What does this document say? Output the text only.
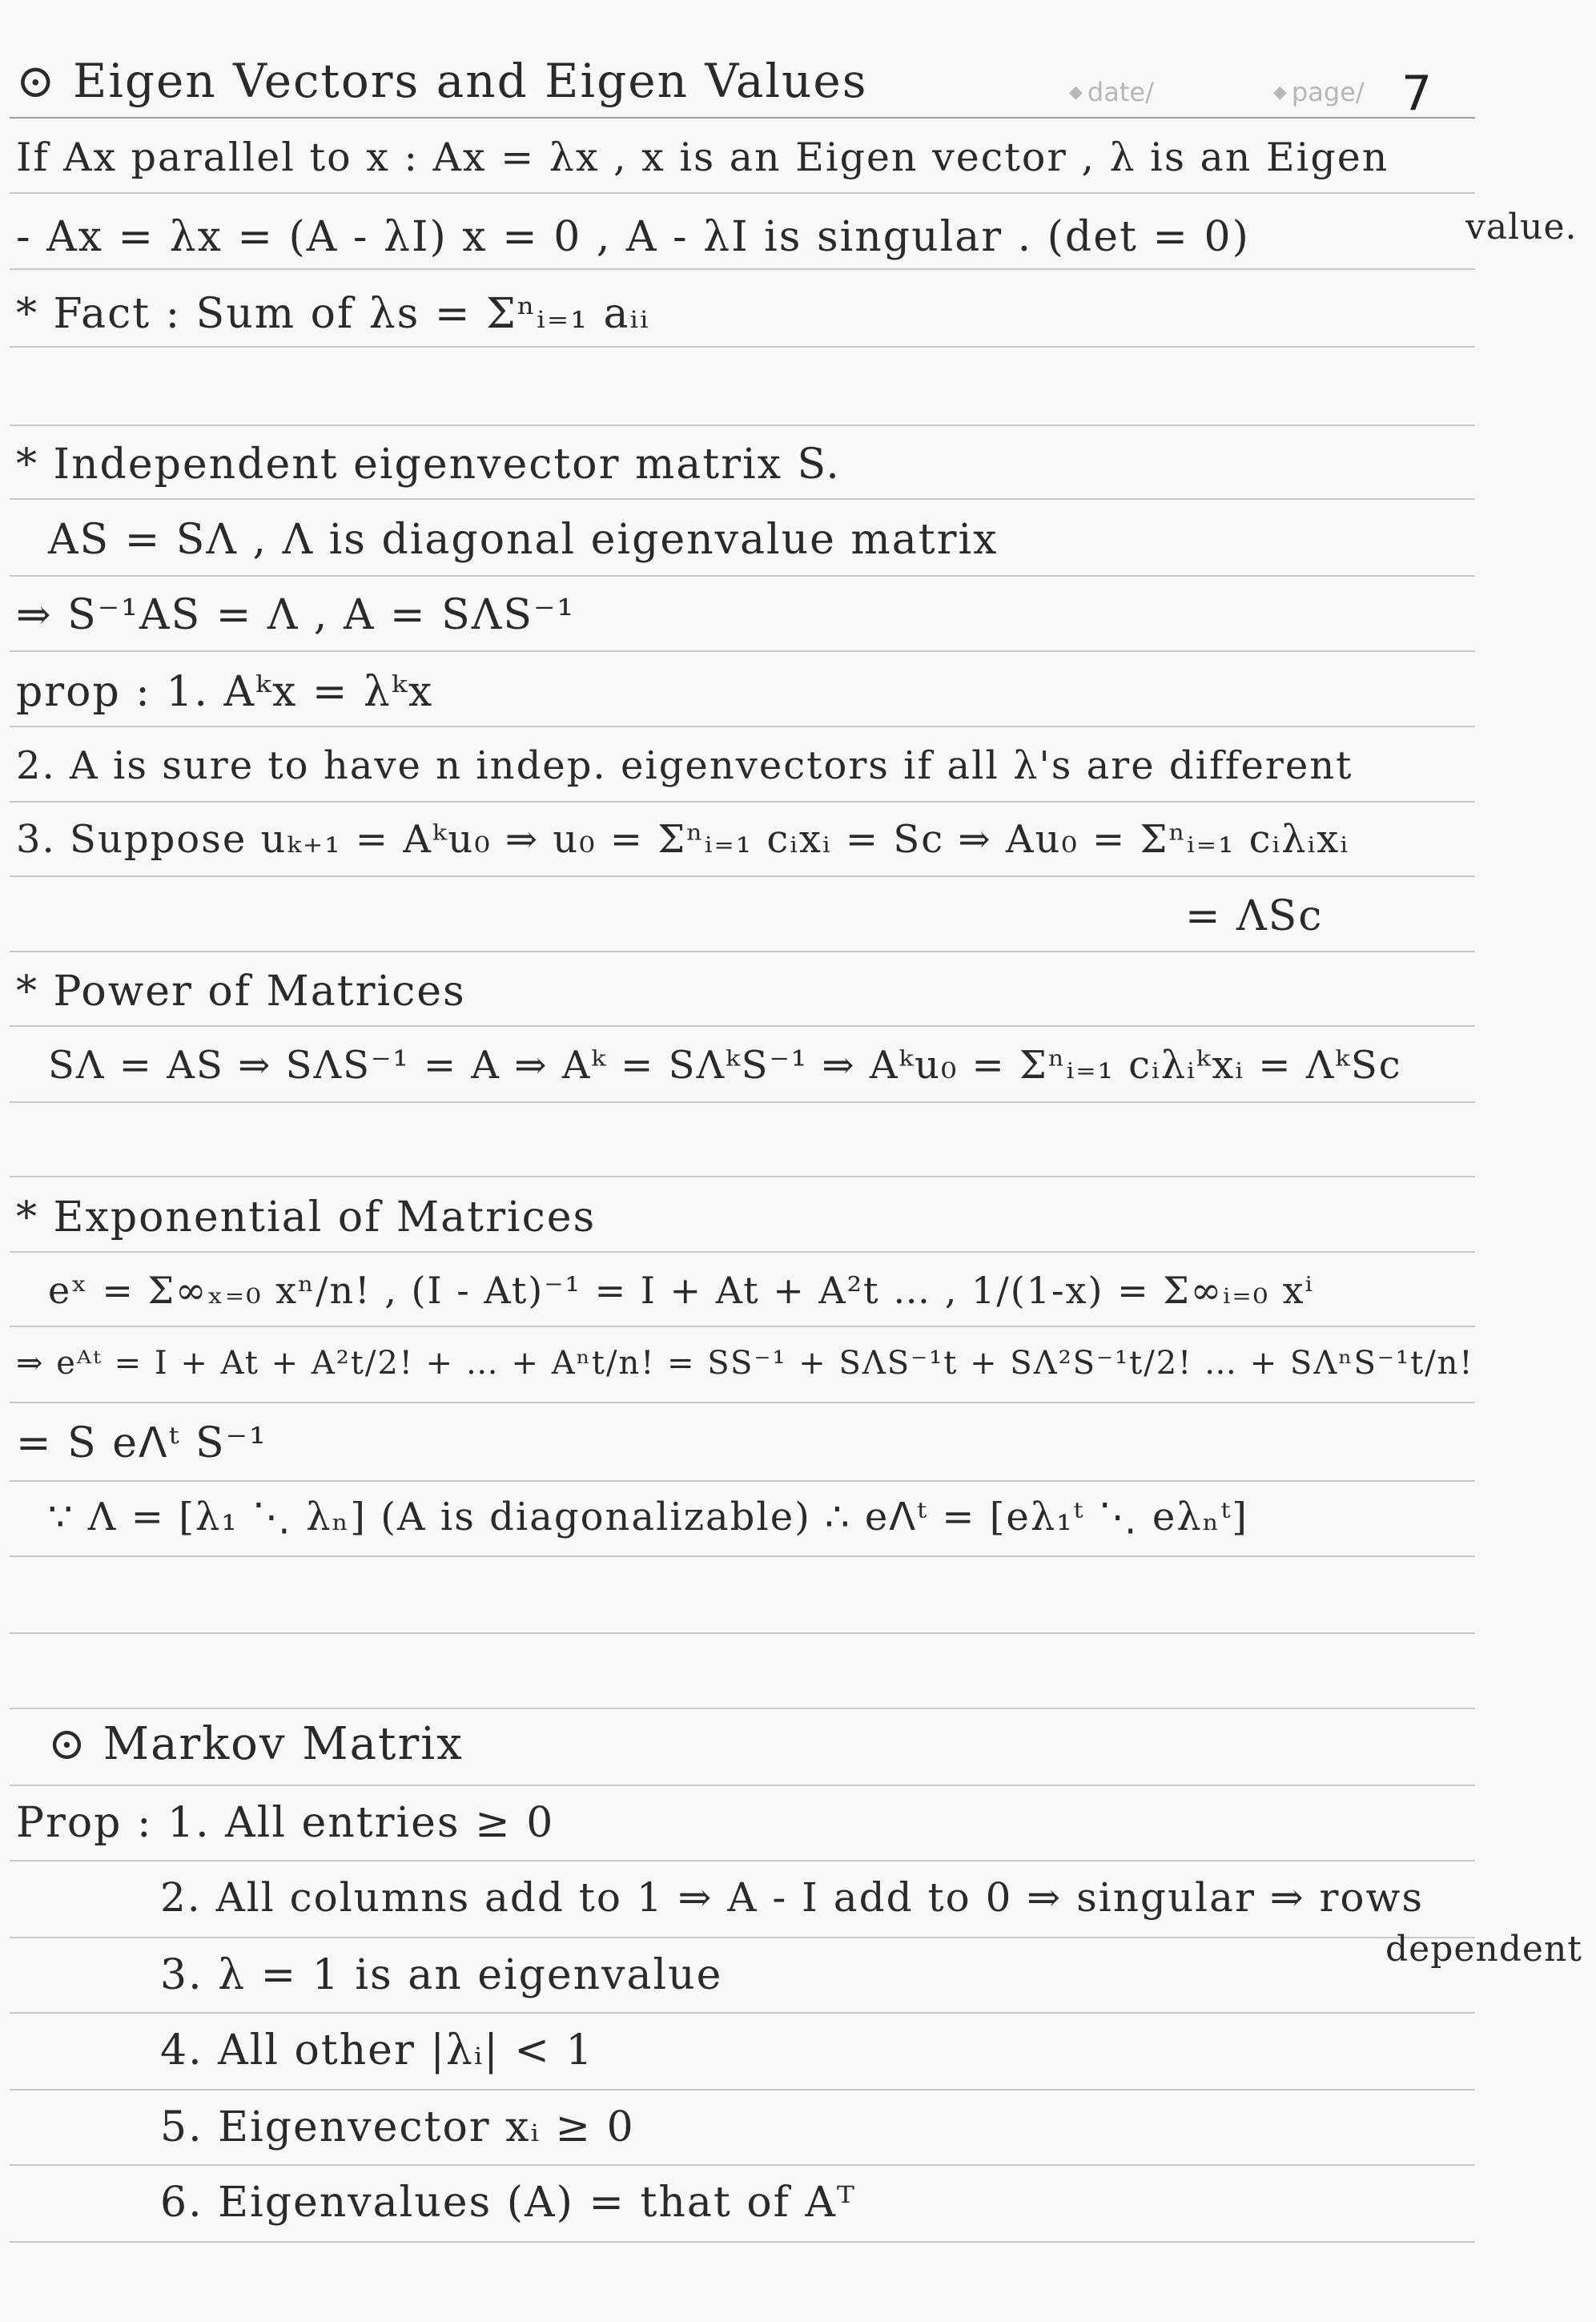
◆ date/	◆ page/ 7
⊙ Eigen Vectors and Eigen Values
If Ax parallel to x : Ax = λx , x is an Eigen vector , λ is an Eigen
value.
- Ax = λx = (A - λI) x = 0 , A - λI is singular . (det = 0)
* Fact : Sum of λs = Σⁿᵢ₌₁ aᵢᵢ
* Independent eigenvector matrix S.
AS = SΛ , Λ is diagonal eigenvalue matrix
⇒ S⁻¹AS = Λ , A = SΛS⁻¹
prop : 1. Aᵏx = λᵏx
2. A is sure to have n indep. eigenvectors if all λ's are different
3. Suppose uₖ₊₁ = Aᵏu₀ ⇒ u₀ = Σⁿᵢ₌₁ cᵢxᵢ = Sc ⇒ Au₀ = Σⁿᵢ₌₁ cᵢλᵢxᵢ
= ΛSc
* Power of Matrices
SΛ = AS ⇒ SΛS⁻¹ = A ⇒ Aᵏ = SΛᵏS⁻¹ ⇒ Aᵏu₀ = Σⁿᵢ₌₁ cᵢλᵢᵏxᵢ = ΛᵏSc
* Exponential of Matrices
eˣ = Σ∞ₓ₌₀ xⁿ/n! , (I - At)⁻¹ = I + At + A²t … , 1/(1-x) = Σ∞ᵢ₌₀ xⁱ
⇒ eᴬᵗ = I + At + A²t/2! + … + Aⁿt/n! = SS⁻¹ + SΛS⁻¹t + SΛ²S⁻¹t/2! … + SΛⁿS⁻¹t/n!
= S eᐱᵗ S⁻¹
∵ Λ = [λ₁ ⋱ λₙ] (A is diagonalizable) ∴ eᐱᵗ = [eλ₁ᵗ ⋱ eλₙᵗ]
⊙ Markov Matrix
Prop : 1. All entries ≥ 0
2. All columns add to 1 ⇒ A - I add to 0 ⇒ singular ⇒ rows
dependent
3. λ = 1 is an eigenvalue
4. All other |λᵢ| < 1
5. Eigenvector xᵢ ≥ 0
6. Eigenvalues (A) = that of Aᵀ
